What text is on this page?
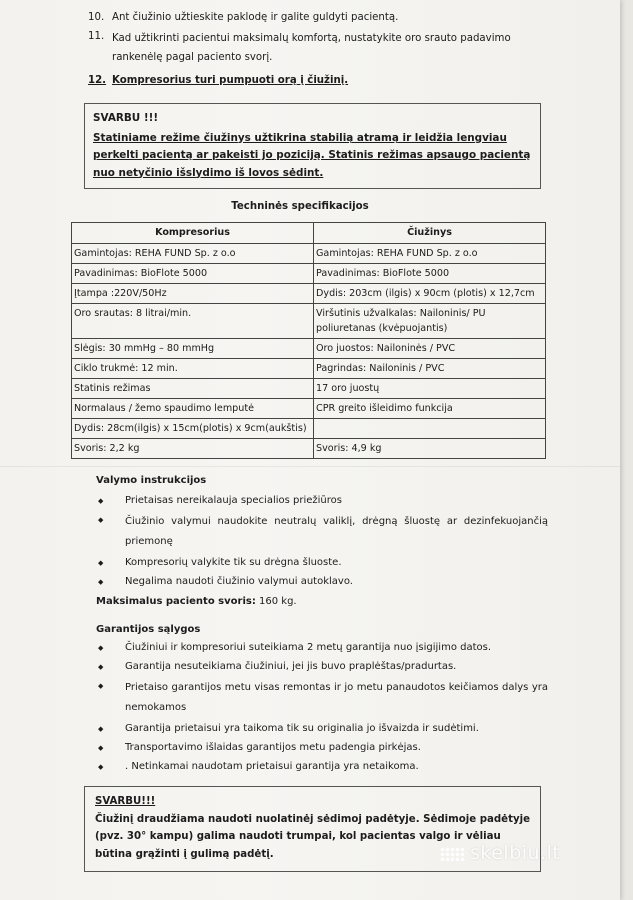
10. Ant čiužinio užtieskite paklodę ir galite guldyti pacientą.
11. Kad užtikrinti pacientui maksimalų komfortą, nustatykite oro srauto padavimo rankenėlę pagal paciento svorį.
12. Kompresorius turi pumpuoti orą į čiužinį.
SVARBU !!!
Statiniame režime čiužinys užtikrina stabilią atramą ir leidžia lengviau perkelti pacientą ar pakeisti jo poziciją. Statinis režimas apsaugo pacientą nuo netyčinio išslydimo iš lovos sėdint.
Techninės specifikacijos
Kompresorius	Čiužinys
Gamintojas: REHA FUND Sp. z o.o	Gamintojas: REHA FUND Sp. z o.o
Pavadinimas: BioFlote 5000	Pavadinimas: BioFlote 5000
Įtampa :220V/50Hz	Dydis: 203cm (ilgis) x 90cm (plotis) x 12,7cm
Oro srautas: 8 litrai/min.	Viršutinis užvalkalas: Nailoninis/ PU poliuretanas (kvėpuojantis)
Slėgis: 30 mmHg – 80 mmHg	Oro juostos: Nailoninės / PVC
Ciklo trukmė: 12 min.	Pagrindas: Nailoninis / PVC
Statinis režimas	17 oro juostų
Normalaus / žemo spaudimo lemputė	CPR greito išleidimo funkcija
Dydis: 28cm(ilgis) x 15cm(plotis) x 9cm(aukštis)	
Svoris: 2,2 kg	Svoris: 4,9 kg
Valymo instrukcijos
◆	Prietaisas nereikalauja specialios priežiūros
◆	Čiužinio valymui naudokite neutralų valiklį, drėgną šluostę ar dezinfekuojančią priemonę
◆	Kompresorių valykite tik su drėgna šluoste.
◆	Negalima naudoti čiužinio valymui autoklavo.
Maksimalus paciento svoris: 160 kg.
Garantijos sąlygos
◆	Čiužiniui ir kompresoriui suteikiama 2 metų garantija nuo įsigijimo datos.
◆	Garantija nesuteikiama čiužiniui, jei jis buvo praplėštas/pradurtas.
◆	Prietaiso garantijos metu visas remontas ir jo metu panaudotos keičiamos dalys yra nemokamos
◆	Garantija prietaisui yra taikoma tik su originalia jo išvaizda ir sudėtimi.
◆	Transportavimo išlaidas garantijos metu padengia pirkėjas.
◆	. Netinkamai naudotam prietaisui garantija yra netaikoma.
SVARBU!!!
Čiužinį draudžiama naudoti nuolatinėj sėdimoj padėtyje. Sėdimoje padėtyje (pvz. 30° kampu) galima naudoti trumpai, kol pacientas valgo ir vėliau būtina grąžinti į gulimą padėtį.	skelbiu.lt
